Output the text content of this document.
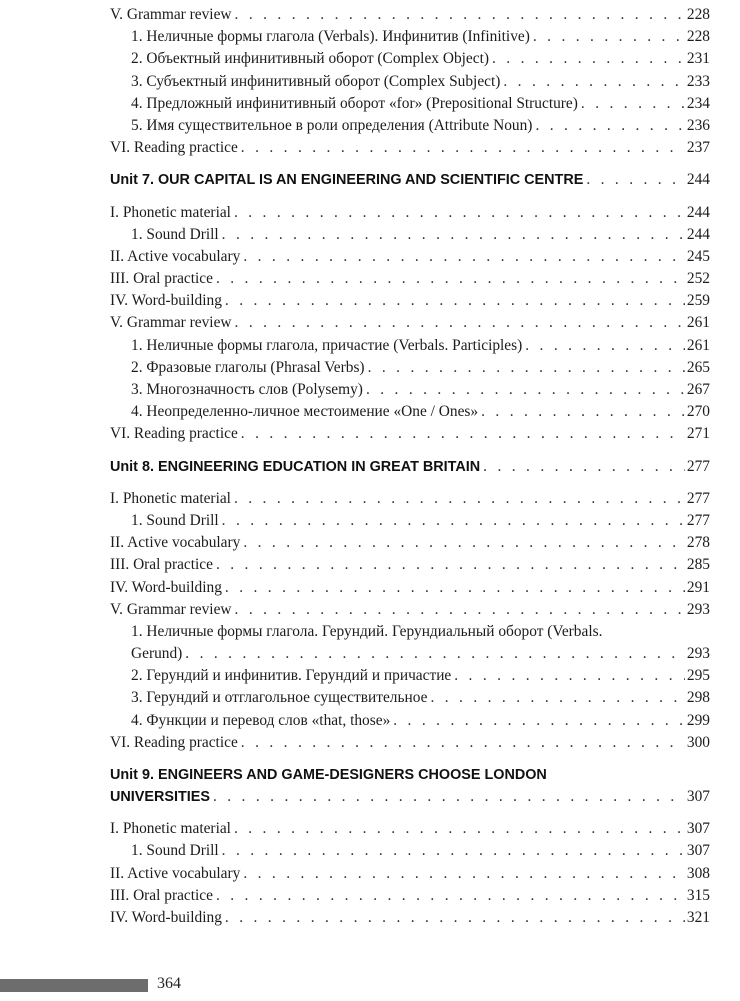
V. Grammar review . . .	228
1. Неличные формы глагола (Verbals). Инфинитив (Infinitive) . . .	228
2. Объектный инфинитивный оборот (Complex Object) . . .	231
3. Субъектный инфинитивный оборот (Complex Subject) . . .	233
4. Предложный инфинитивный оборот «for» (Prepositional Structure) . . .	234
5. Имя существительное в роли определения (Attribute Noun) . . .	236
VI. Reading practice . . .	237
Unit 7. OUR CAPITAL IS AN ENGINEERING AND SCIENTIFIC CENTRE . . .	244
I. Phonetic material . . .	244
1. Sound Drill . . .	244
II. Active vocabulary . . .	245
III. Oral practice . . .	252
IV. Word-building . . .	259
V. Grammar review . . .	261
1. Неличные формы глагола, причастие (Verbals. Participles) . . .	261
2. Фразовые глаголы (Phrasal Verbs) . . .	265
3. Многозначность слов (Polysemy) . . .	267
4. Неопределенно-личное местоимение «One / Ones» . . .	270
VI. Reading practice . . .	271
Unit 8. ENGINEERING EDUCATION IN GREAT BRITAIN . . .	277
I. Phonetic material . . .	277
1. Sound Drill . . .	277
II. Active vocabulary . . .	278
III. Oral practice . . .	285
IV. Word-building . . .	291
V. Grammar review . . .	293
1. Неличные формы глагола. Герундий. Герундиальный оборот (Verbals.
Gerund) . . .	293
2. Герундий и инфинитив. Герундий и причастие . . .	295
3. Герундий и отглагольное существительное . . .	298
4. Функции и перевод слов «that, those» . . .	299
VI. Reading practice . . .	300
Unit 9. ENGINEERS AND GAME-DESIGNERS CHOOSE LONDON
UNIVERSITIES . . .	307
I. Phonetic material . . .	307
1. Sound Drill . . .	307
II. Active vocabulary . . .	308
III. Oral practice . . .	315
IV. Word-building . . .	321
364
